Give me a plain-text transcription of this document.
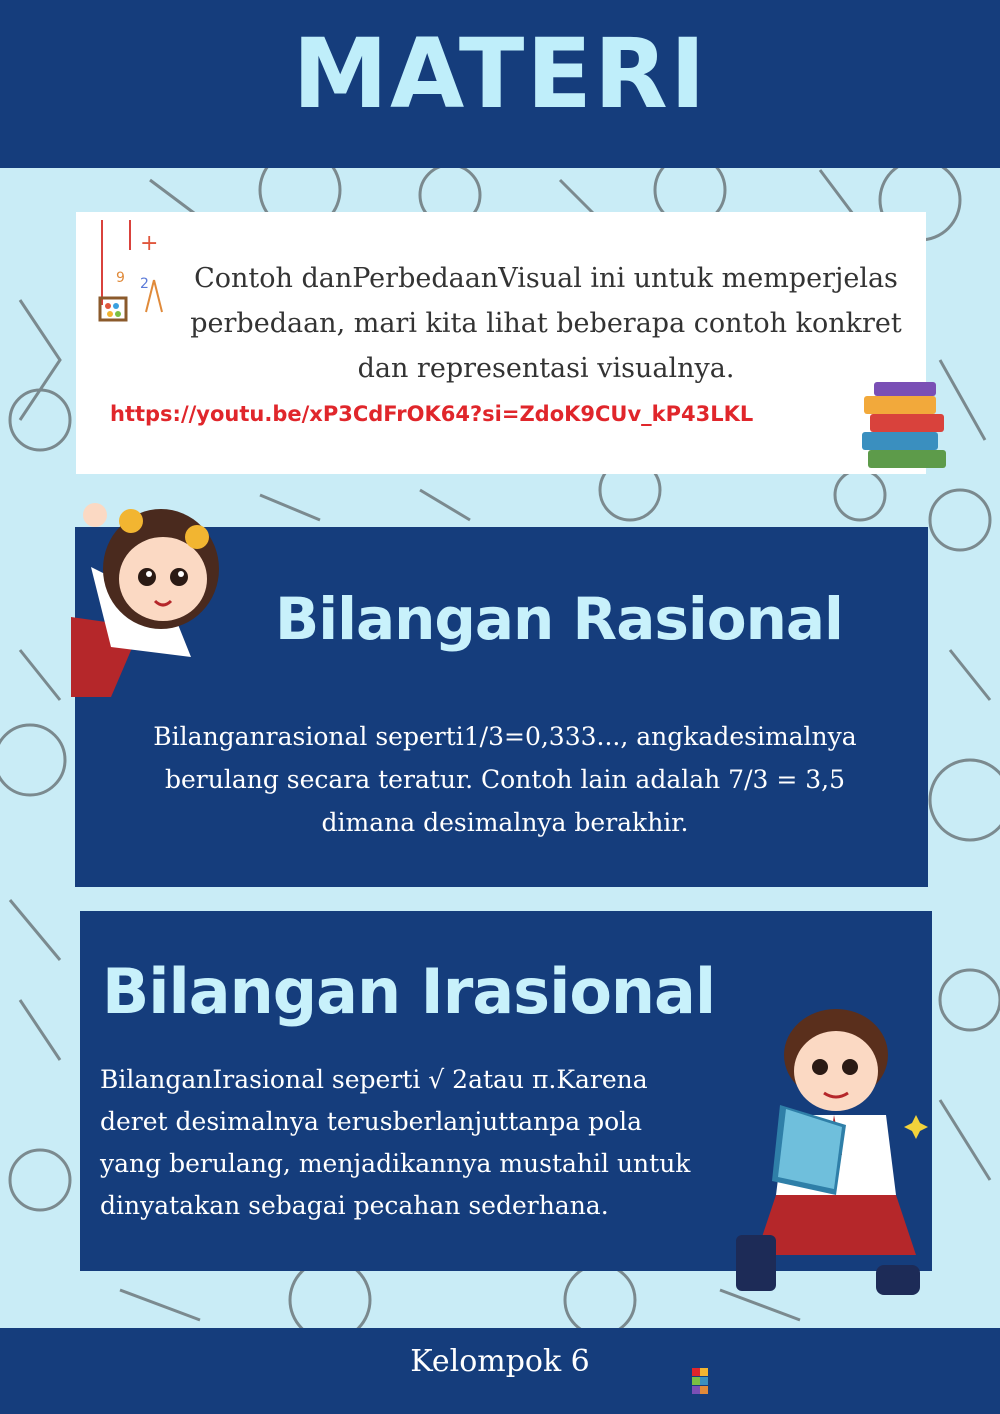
MATERI
+
9 2 Contoh danPerbedaanVisual ini untuk memperjelas perbedaan, mari kita lihat beberapa contoh konkret dan representasi visualnya.
https://youtu.be/xP3CdFrOK64?si=ZdoK9CUv_kP43LKL
Bilangan Rasional
Bilanganrasional seperti1/3=0,333..., angkadesimalnya berulang secara teratur. Contoh lain adalah 7/3 = 3,5 dimana desimalnya berakhir.
Bilangan Irasional
BilanganIrasional seperti √ 2atau π.Karena
deret desimalnya terusberlanjuttanpa pola
yang berulang, menjadikannya mustahil untuk
dinyatakan sebagai pecahan sederhana.
Kelompok 6
